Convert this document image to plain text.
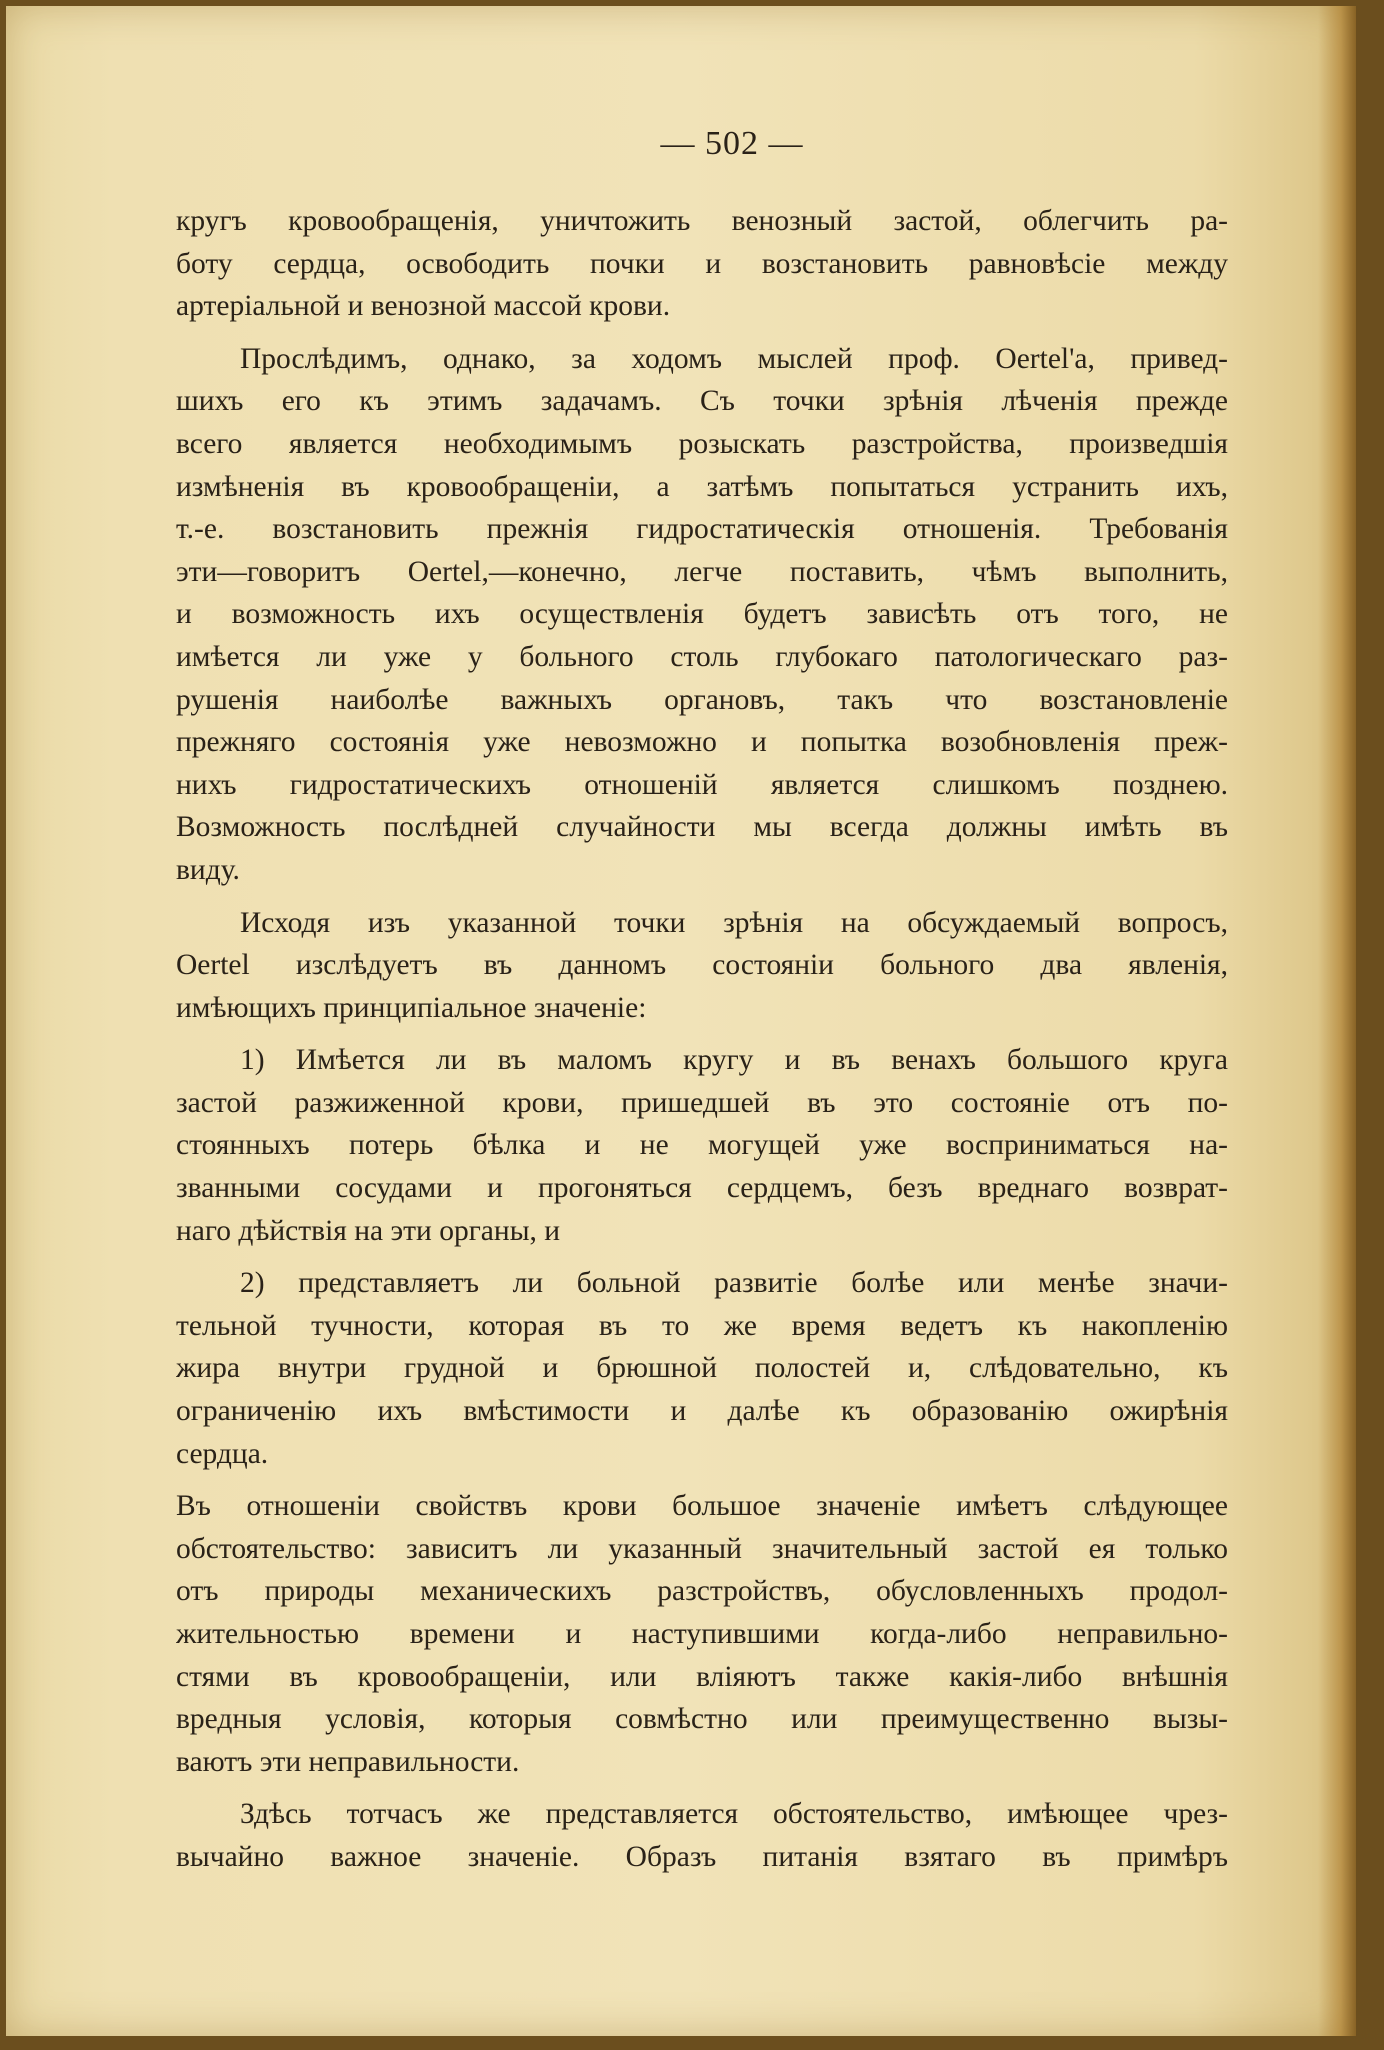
— 502 —
кругъ кровообращенія, уничтожить венозный застой, облегчить ра-
боту сердца, освободить почки и возстановить равновѣсіе между
артеріальной и венозной массой крови.
Прослѣдимъ, однако, за ходомъ мыслей проф. Oertel'a, привед-
шихъ его къ этимъ задачамъ. Съ точки зрѣнія лѣченія прежде
всего является необходимымъ розыскать разстройства, произведшія
измѣненія въ кровообращеніи, а затѣмъ попытаться устранить ихъ,
т.-е. возстановить прежнія гидростатическія отношенія. Требованія
эти—говоритъ Oertel,—конечно, легче поставить, чѣмъ выполнить,
и возможность ихъ осуществленія будетъ зависѣть отъ того, не
имѣется ли уже у больного столь глубокаго патологическаго раз-
рушенія наиболѣе важныхъ органовъ, такъ что возстановленіе
прежняго состоянія уже невозможно и попытка возобновленія преж-
нихъ гидростатическихъ отношеній является слишкомъ позднею.
Возможность послѣдней случайности мы всегда должны имѣть въ
виду.
Исходя изъ указанной точки зрѣнія на обсуждаемый вопросъ,
Oertel изслѣдуетъ въ данномъ состояніи больного два явленія,
имѣющихъ принципіальное значеніе:
1) Имѣется ли въ маломъ кругу и въ венахъ большого круга
застой разжиженной крови, пришедшей въ это состояніе отъ по-
стоянныхъ потерь бѣлка и не могущей уже восприниматься на-
званными сосудами и прогоняться сердцемъ, безъ вреднаго возврат-
наго дѣйствія на эти органы, и
2) представляетъ ли больной развитіе болѣе или менѣе значи-
тельной тучности, которая въ то же время ведетъ къ накопленію
жира внутри грудной и брюшной полостей и, слѣдовательно, къ
ограниченію ихъ вмѣстимости и далѣе къ образованію ожирѣнія
сердца.
Въ отношеніи свойствъ крови большое значеніе имѣетъ слѣдующее
обстоятельство: зависитъ ли указанный значительный застой ея только
отъ природы механическихъ разстройствъ, обусловленныхъ продол-
жительностью времени и наступившими когда-либо неправильно-
стями въ кровообращеніи, или вліяютъ также какія-либо внѣшнія
вредныя условія, которыя совмѣстно или преимущественно вызы-
ваютъ эти неправильности.
Здѣсь тотчасъ же представляется обстоятельство, имѣющее чрез-
вычайно важное значеніе. Образъ питанія взятаго въ примѣръ
